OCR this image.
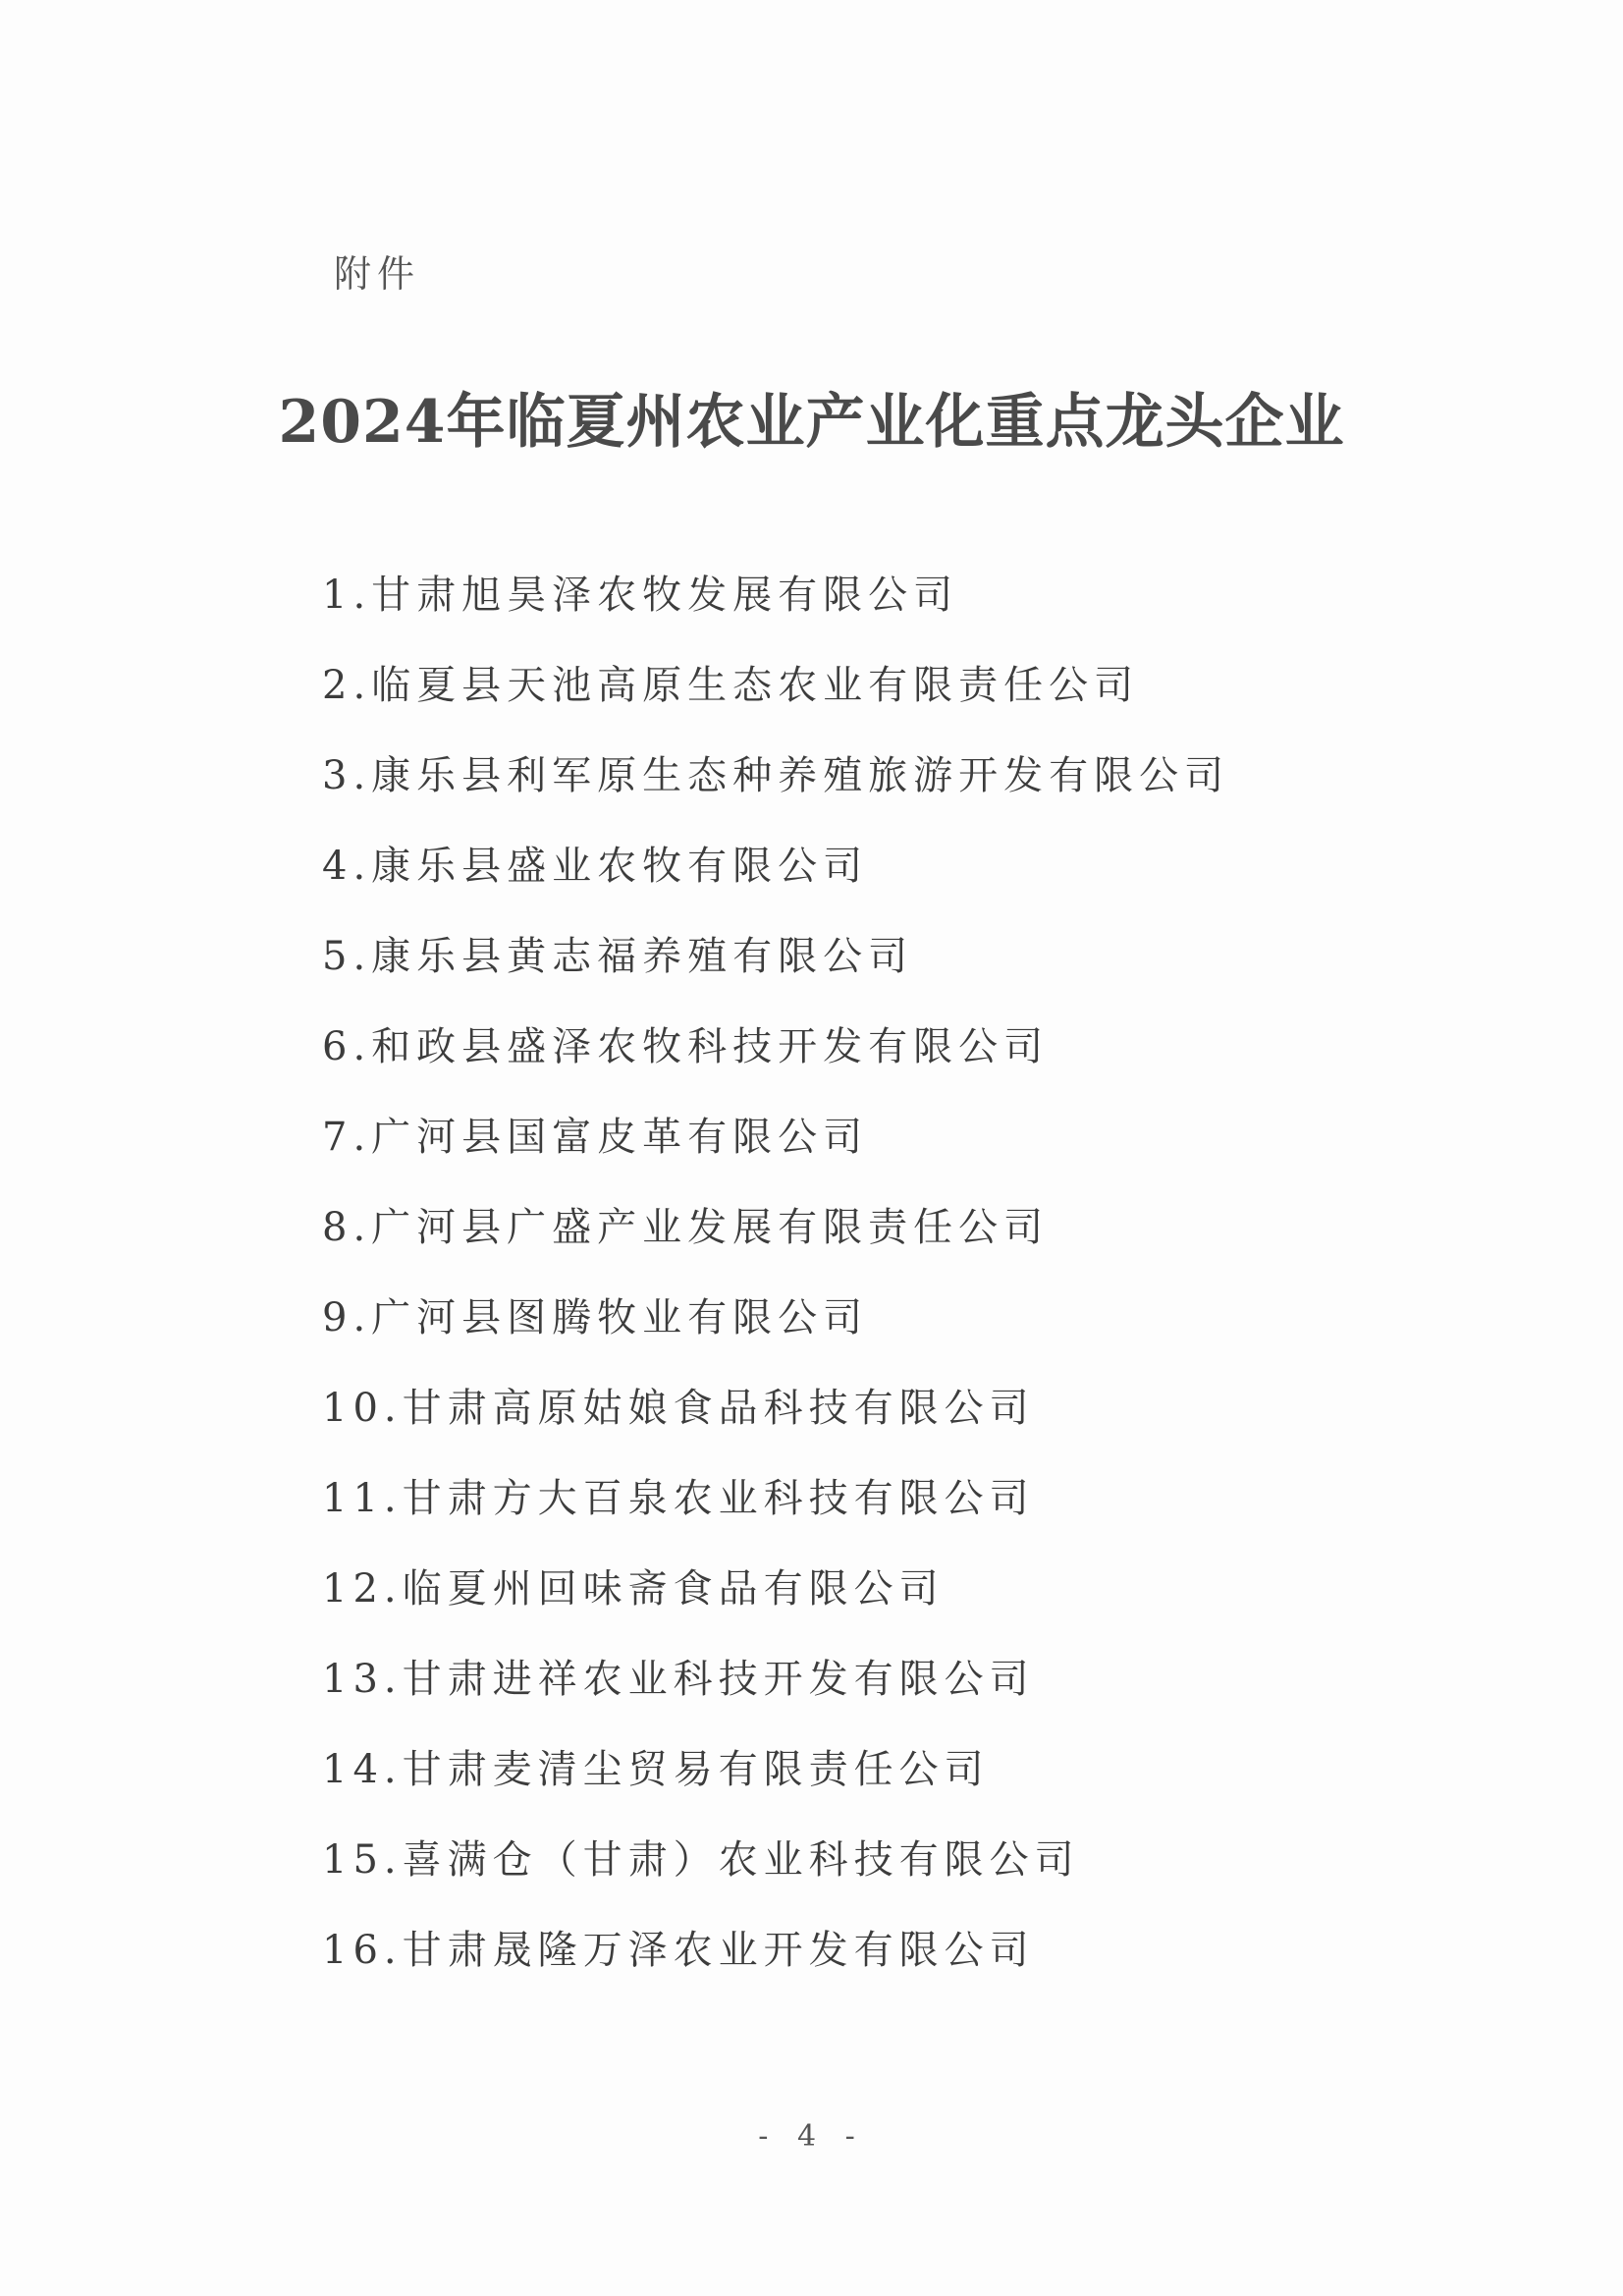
附件
2024年临夏州农业产业化重点龙头企业
1.甘肃旭昊泽农牧发展有限公司
2.临夏县天池高原生态农业有限责任公司
3.康乐县利军原生态种养殖旅游开发有限公司
4.康乐县盛业农牧有限公司
5.康乐县黄志福养殖有限公司
6.和政县盛泽农牧科技开发有限公司
7.广河县国富皮革有限公司
8.广河县广盛产业发展有限责任公司
9.广河县图腾牧业有限公司
10.甘肃高原姑娘食品科技有限公司
11.甘肃方大百泉农业科技有限公司
12.临夏州回味斋食品有限公司
13.甘肃进祥农业科技开发有限公司
14.甘肃麦清尘贸易有限责任公司
15.喜满仓（甘肃）农业科技有限公司
16.甘肃晟隆万泽农业开发有限公司
- 4 -
